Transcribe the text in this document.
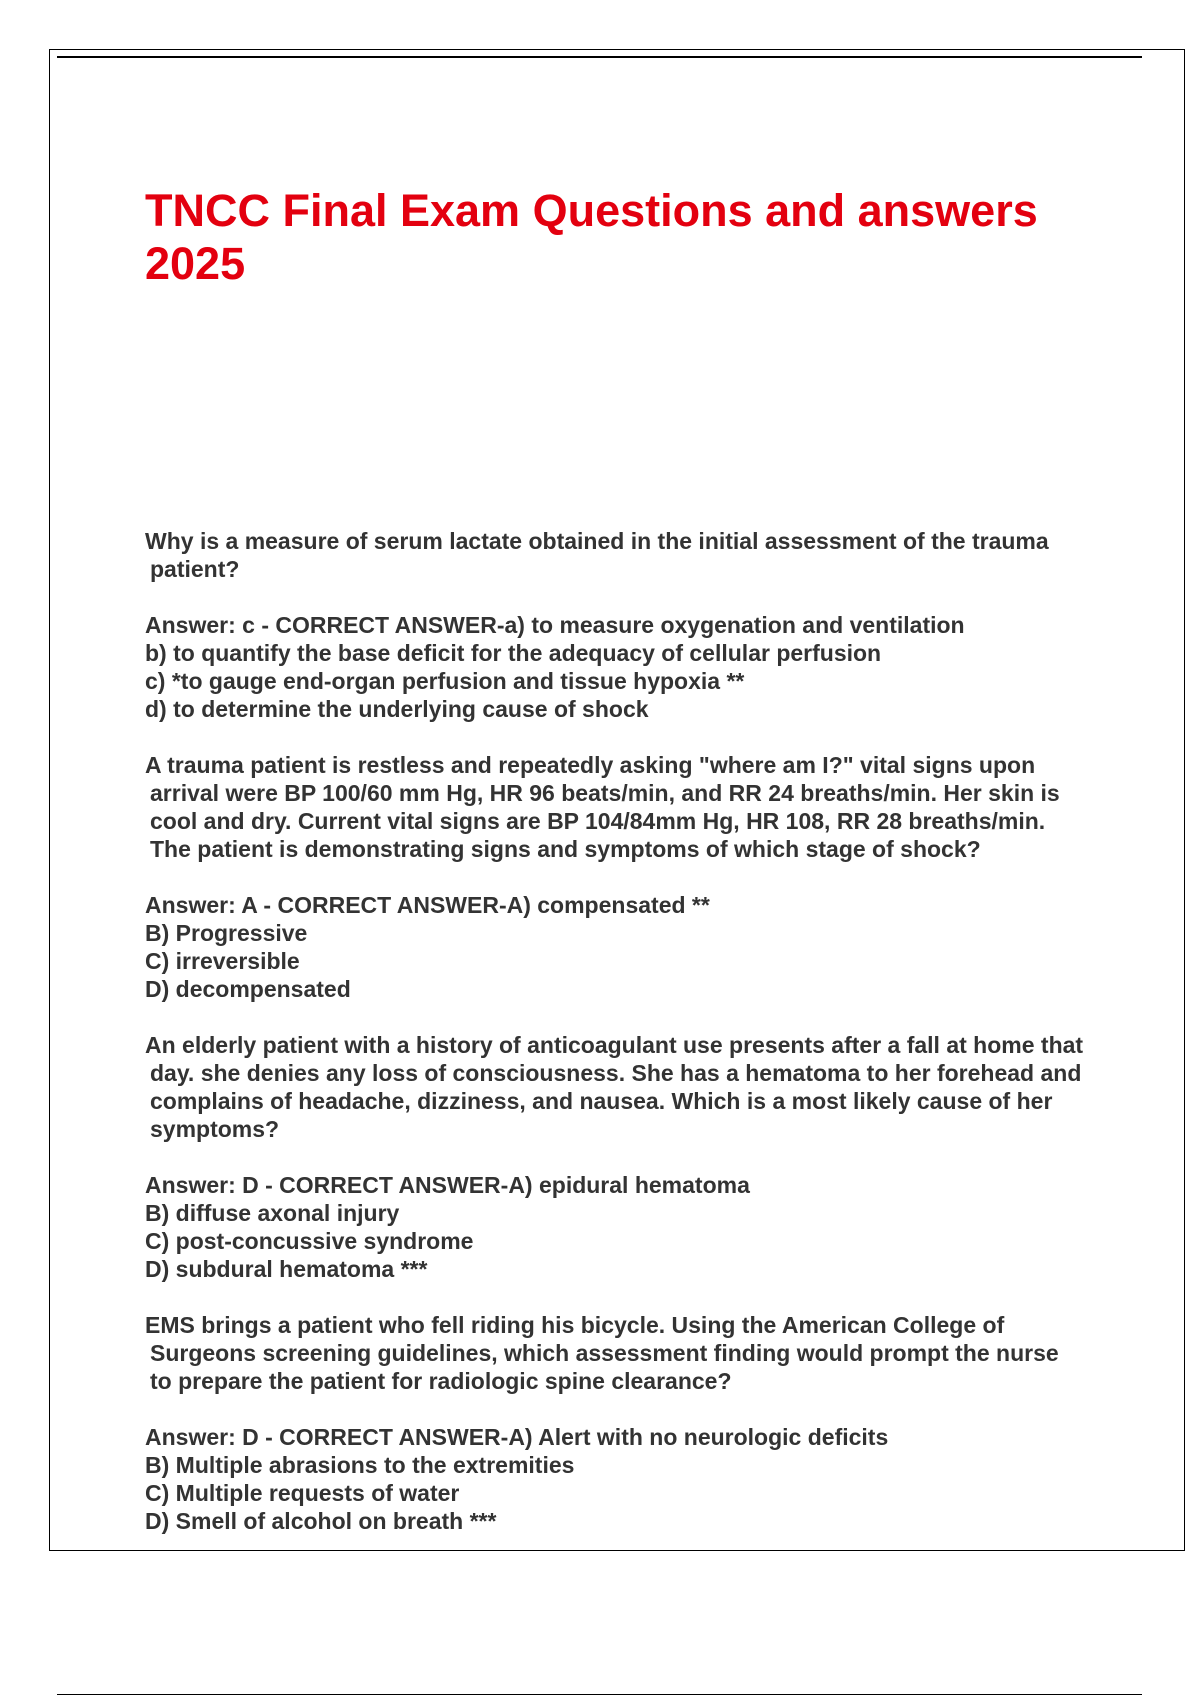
TNCC Final Exam Questions and answers
2025

Why is a measure of serum lactate obtained in the initial assessment of the trauma patient?

Answer: c - CORRECT ANSWER-a) to measure oxygenation and ventilation
b) to quantify the base deficit for the adequacy of cellular perfusion
c) *to gauge end-organ perfusion and tissue hypoxia **
d) to determine the underlying cause of shock

A trauma patient is restless and repeatedly asking "where am I?" vital signs upon arrival were BP 100/60 mm Hg, HR 96 beats/min, and RR 24 breaths/min. Her skin is cool and dry. Current vital signs are BP 104/84mm Hg, HR 108, RR 28 breaths/min. The patient is demonstrating signs and symptoms of which stage of shock?

Answer: A - CORRECT ANSWER-A) compensated **
B) Progressive
C) irreversible
D) decompensated

An elderly patient with a history of anticoagulant use presents after a fall at home that day. she denies any loss of consciousness. She has a hematoma to her forehead and complains of headache, dizziness, and nausea. Which is a most likely cause of her symptoms?

Answer: D - CORRECT ANSWER-A) epidural hematoma
B) diffuse axonal injury
C) post-concussive syndrome
D) subdural hematoma ***

EMS brings a patient who fell riding his bicycle. Using the American College of Surgeons screening guidelines, which assessment finding would prompt the nurse to prepare the patient for radiologic spine clearance?

Answer: D - CORRECT ANSWER-A) Alert with no neurologic deficits
B) Multiple abrasions to the extremities
C) Multiple requests of water
D) Smell of alcohol on breath ***
